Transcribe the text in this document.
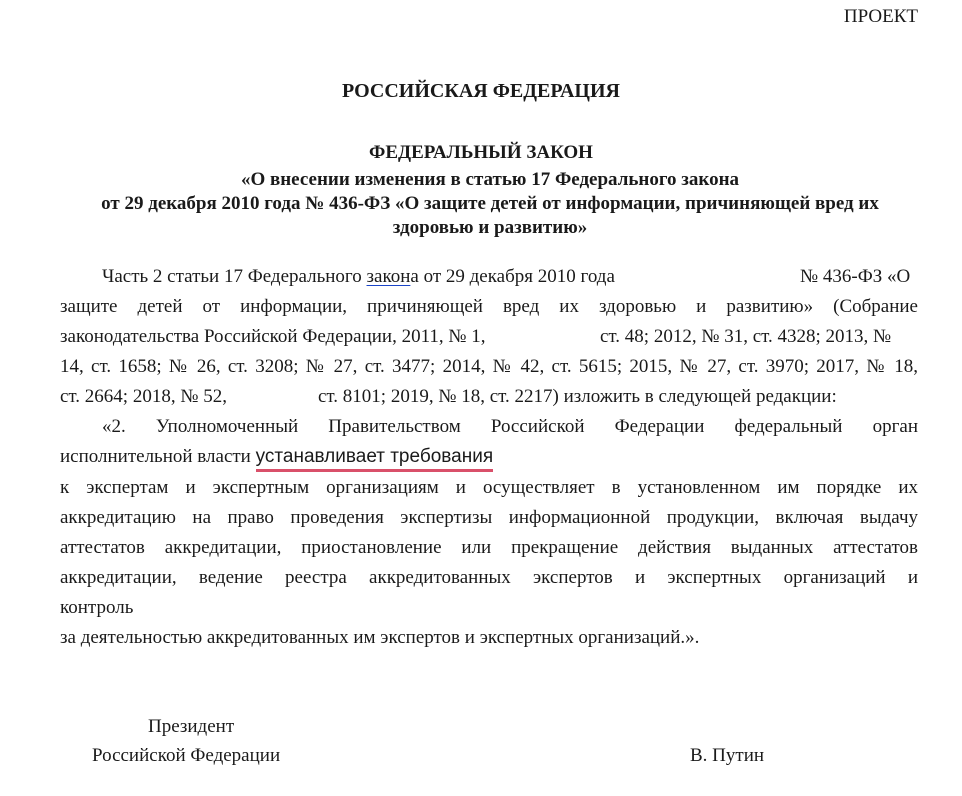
ПРОЕКТ
РОССИЙСКАЯ ФЕДЕРАЦИЯ
ФЕДЕРАЛЬНЫЙ ЗАКОН
«О внесении изменения в статью 17 Федерального закона
от 29 декабря 2010 года № 436-ФЗ «О защите детей от информации, причиняющей вред их
здоровью и развитию»
Часть 2 статьи 17 Федерального закона от 29 декабря 2010 года	№ 436-ФЗ «О
защите детей от информации, причиняющей вред их здоровью и развитию» (Собрание
законодательства Российской Федерации, 2011, № 1,	ст. 48; 2012, № 31, ст. 4328; 2013, №
14, ст. 1658; № 26, ст. 3208; № 27, ст. 3477; 2014, № 42, ст. 5615; 2015, № 27, ст. 3970; 2017, № 18,
ст. 2664; 2018, № 52,	ст. 8101; 2019, № 18, ст. 2217) изложить в следующей редакции:
«2. Уполномоченный Правительством Российской Федерации федеральный орган
исполнительной власти устанавливает требования
к экспертам и экспертным организациям и осуществляет в установленном им порядке их
аккредитацию на право проведения экспертизы информационной продукции, включая выдачу
аттестатов аккредитации, приостановление или прекращение действия выданных аттестатов
аккредитации, ведение реестра аккредитованных экспертов и экспертных организаций и
контроль
за деятельностью аккредитованных им экспертов и экспертных организаций.».
Президент
Российской Федерации	В. Путин
